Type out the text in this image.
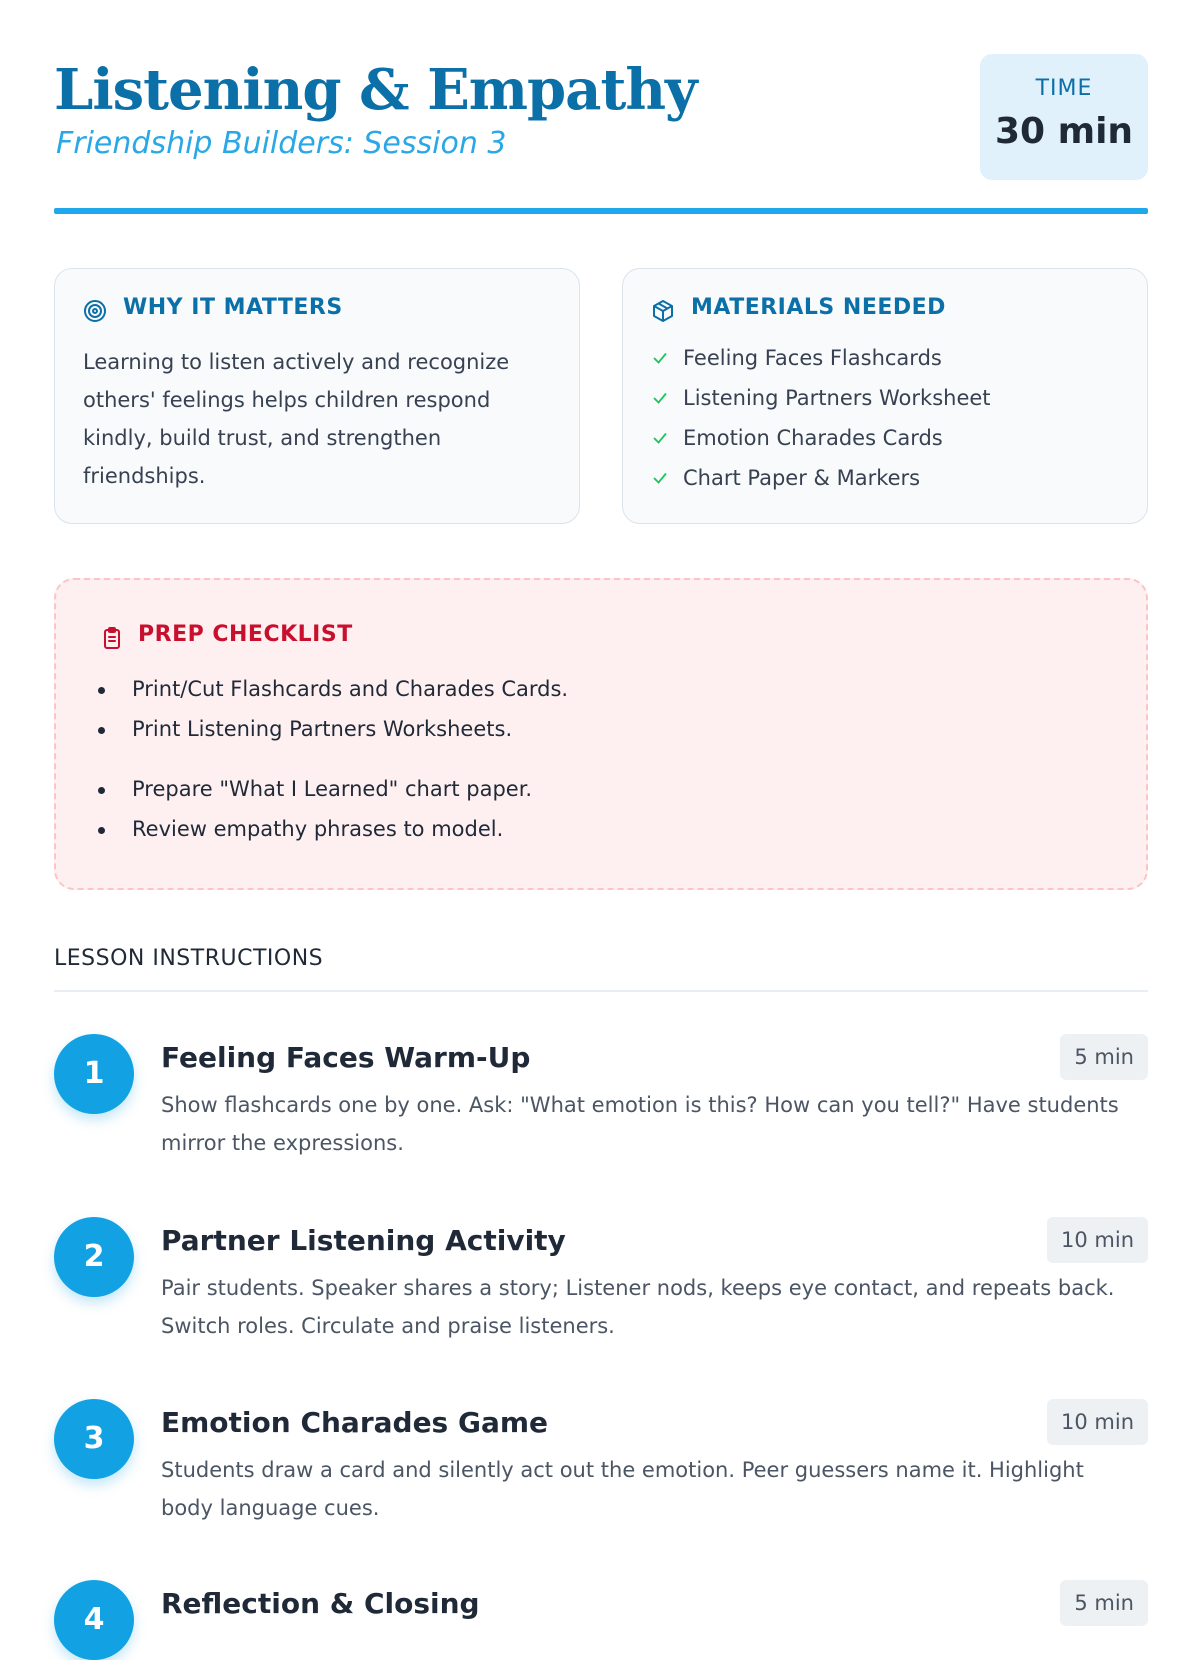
Listening & Empathy
Friendship Builders: Session 3
TIME
30 min
WHY IT MATTERS

Learning to listen actively and recognize others' feelings helps children respond kindly, build trust, and strengthen friendships.

MATERIALS NEEDED
Feeling Faces Flashcards
Listening Partners Worksheet
Emotion Charades Cards
Chart Paper & Markers
PREP CHECKLIST
Print/Cut Flashcards and Charades Cards.
Print Listening Partners Worksheets.
Prepare "What I Learned" chart paper.
Review empathy phrases to model.
LESSON INSTRUCTIONS
1	Feeling Faces Warm-Up	5 min

Show flashcards one by one. Ask: "What emotion is this? How can you tell?" Have students mirror the expressions.

2	Partner Listening Activity	10 min

Pair students. Speaker shares a story; Listener nods, keeps eye contact, and repeats back. Switch roles. Circulate and praise listeners.

3	Emotion Charades Game	10 min

Students draw a card and silently act out the emotion. Peer guessers name it. Highlight body language cues.

4	Reflection & Closing	5 min
